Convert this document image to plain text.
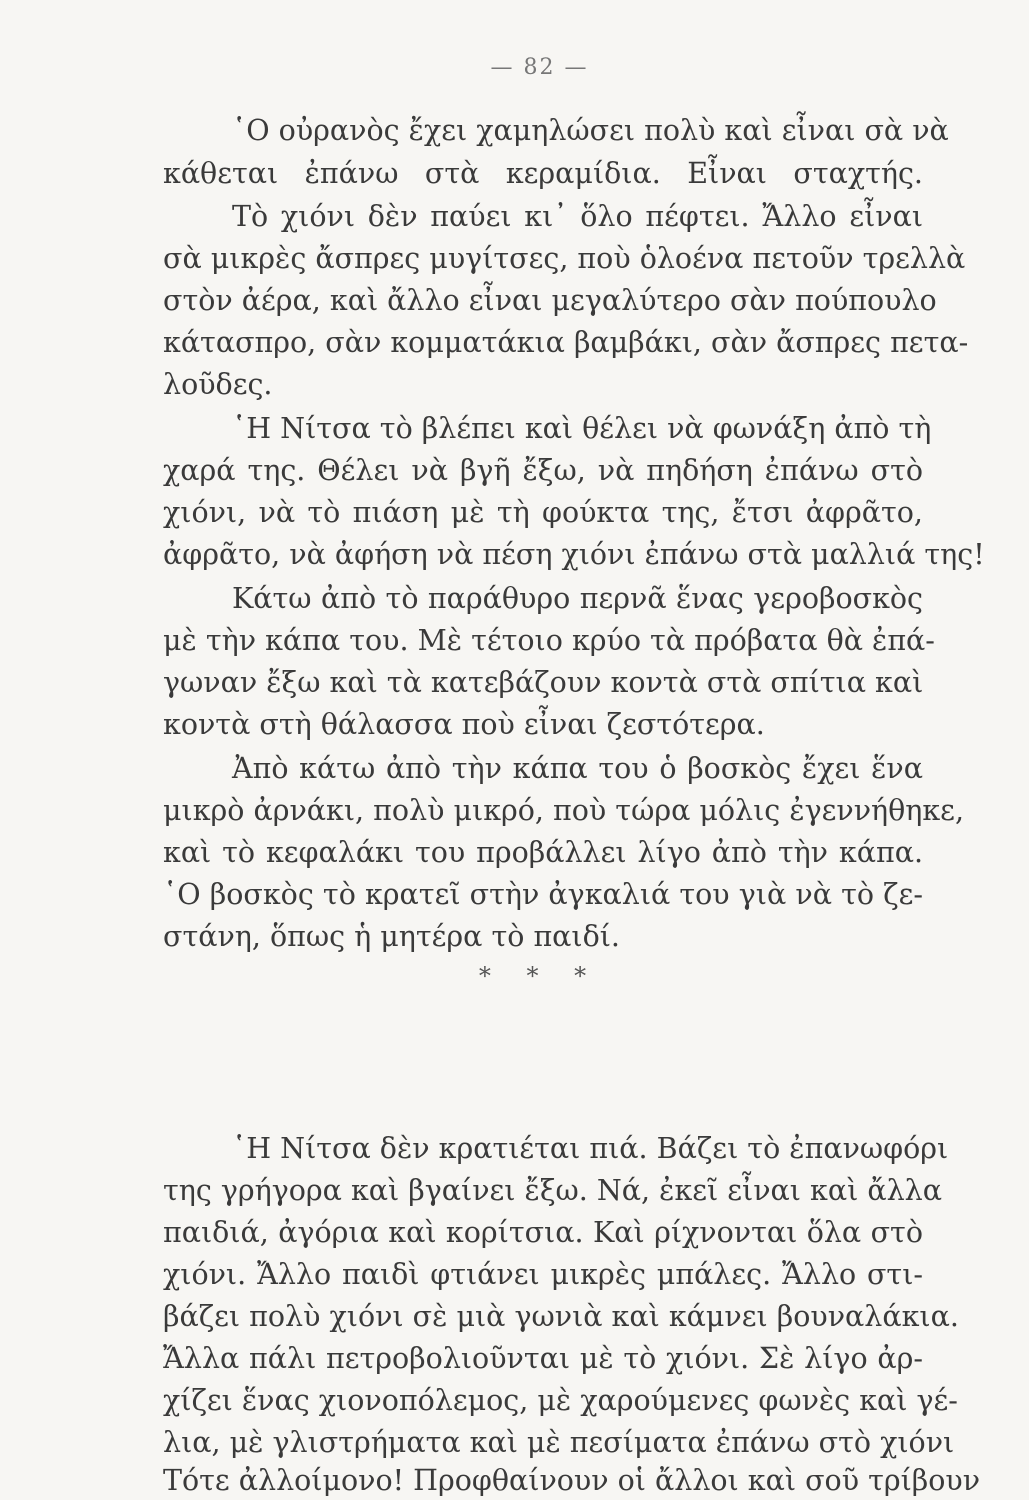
— 82 —
῾Ο οὐρανὸς ἔχει χαμηλώσει πολὺ καὶ εἶναι σὰ νὰ
κάθεται ἐπάνω στὰ κεραμίδια. Εἶναι σταχτής.
Τὸ χιόνι δὲν παύει κι᾽ ὅλο πέφτει. Ἄλλο εἶναι
σὰ μικρὲς ἄσπρες μυγίτσες, ποὺ ὁλοένα πετοῦν τρελλὰ
στὸν ἀέρα, καὶ ἄλλο εἶναι μεγαλύτερο σὰν πούπουλο
κάτασπρο, σὰν κομματάκια βαμβάκι, σὰν ἄσπρες πετα-
λοῦδες.
῾Η Νίτσα τὸ βλέπει καὶ θέλει νὰ φωνάξη ἀπὸ τὴ
χαρά της. Θέλει νὰ βγῆ ἔξω, νὰ πηδήση ἐπάνω στὸ
χιόνι, νὰ τὸ πιάση μὲ τὴ φούκτα της, ἔτσι ἀφρᾶτο,
ἀφρᾶτο, νὰ ἀφήση νὰ πέση χιόνι ἐπάνω στὰ μαλλιά της!
Κάτω ἀπὸ τὸ παράθυρο περνᾶ ἕνας γεροβοσκὸς
μὲ τὴν κάπα του. Μὲ τέτοιο κρύο τὰ πρόβατα θὰ ἐπά-
γωναν ἔξω καὶ τὰ κατεβάζουν κοντὰ στὰ σπίτια καὶ
κοντὰ στὴ θάλασσα ποὺ εἶναι ζεστότερα.
Ἀπὸ κάτω ἀπὸ τὴν κάπα του ὁ βοσκὸς ἔχει ἕνα
μικρὸ ἀρνάκι, πολὺ μικρό, ποὺ τώρα μόλις ἐγεννήθηκε,
καὶ τὸ κεφαλάκι του προβάλλει λίγο ἀπὸ τὴν κάπα.
῾Ο βοσκὸς τὸ κρατεῖ στὴν ἀγκαλιά του γιὰ νὰ τὸ ζε-
στάνη, ὅπως ἡ μητέρα τὸ παιδί.
* * *
῾Η Νίτσα δὲν κρατιέται πιά. Βάζει τὸ ἐπανωφόρι
της γρήγορα καὶ βγαίνει ἔξω. Νά, ἐκεῖ εἶναι καὶ ἄλλα
παιδιά, ἀγόρια καὶ κορίτσια. Καὶ ρίχνονται ὅλα στὸ
χιόνι. Ἄλλο παιδὶ φτιάνει μικρὲς μπάλες. Ἄλλο στι-
βάζει πολὺ χιόνι σὲ μιὰ γωνιὰ καὶ κάμνει βουναλάκια.
Ἄλλα πάλι πετροβολιοῦνται μὲ τὸ χιόνι. Σὲ λίγο ἀρ-
χίζει ἕνας χιονοπόλεμος, μὲ χαρούμενες φωνὲς καὶ γέ-
λια, μὲ γλιστρήματα καὶ μὲ πεσίματα ἐπάνω στὸ χιόνι
Τότε ἀλλοίμονο! Προφθαίνουν οἱ ἄλλοι καὶ σοῦ τρίβουν
